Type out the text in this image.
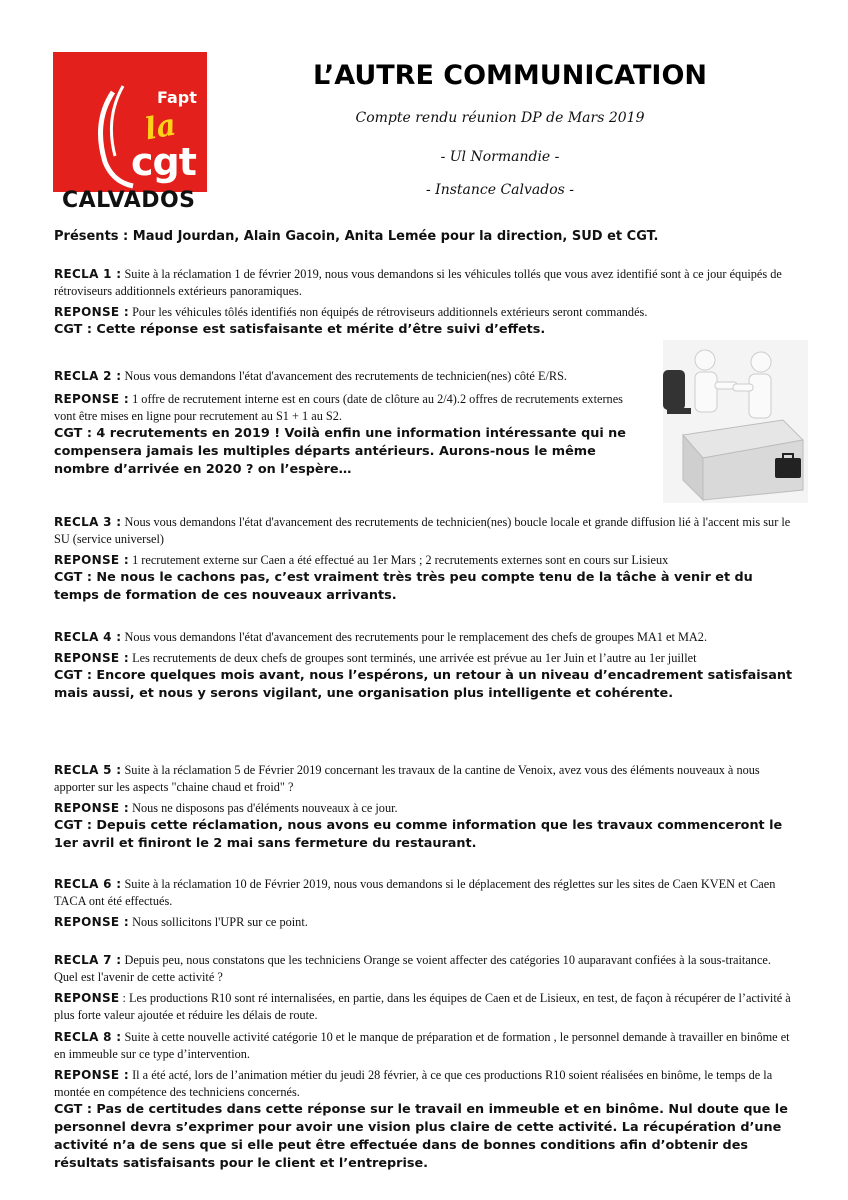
Fapt
la
cgt
CALVADOS
L’AUTRE COMMUNICATION
Compte rendu réunion DP de Mars 2019
- Ul Normandie -
- Instance Calvados -
Présents : Maud Jourdan, Alain Gacoin, Anita Lemée pour la direction, SUD et CGT.

RECLA 1 : Suite à la réclamation 1 de février 2019, nous vous demandons si les véhicules tollés que vous avez identifié sont à ce jour équipés de rétroviseurs additionnels extérieurs panoramiques.

REPONSE : Pour les véhicules tôlés identifiés non équipés de rétroviseurs additionnels extérieurs seront commandés.

CGT : Cette réponse est satisfaisante et mérite d’être suivi d’effets.

RECLA 2 : Nous vous demandons l'état d'avancement des recrutements de technicien(nes) côté E/RS.

REPONSE : 1 offre de recrutement interne est en cours (date de clôture au 2/4).2 offres de recrutements externes vont être mises en ligne pour recrutement au S1 + 1 au S2.

CGT : 4 recrutements en 2019 ! Voilà enfin une information intéressante qui ne compensera jamais les multiples départs antérieurs. Aurons-nous le même nombre d’arrivée en 2020 ? on l’espère…

RECLA 3 : Nous vous demandons l'état d'avancement des recrutements de technicien(nes) boucle locale et grande diffusion lié à l'accent mis sur le SU (service universel)

REPONSE : 1 recrutement externe sur Caen a été effectué au 1er Mars ; 2 recrutements externes sont en cours sur Lisieux

CGT : Ne nous le cachons pas, c’est vraiment très très peu compte tenu de la tâche à venir et du temps de formation de ces nouveaux arrivants.

RECLA 4 : Nous vous demandons l'état d'avancement des recrutements pour le remplacement des chefs de groupes MA1 et MA2.

REPONSE : Les recrutements de deux chefs de groupes sont terminés, une arrivée est prévue au 1er Juin et l’autre au 1er juillet

CGT : Encore quelques mois avant, nous l’espérons, un retour à un niveau d’encadrement satisfaisant mais aussi, et nous y serons vigilant, une organisation plus intelligente et cohérente.

RECLA 5 : Suite à la réclamation 5 de Février 2019 concernant les travaux de la cantine de Venoix, avez vous des éléments nouveaux à nous apporter sur les aspects "chaine chaud et froid" ?

REPONSE : Nous ne disposons pas d'éléments nouveaux à ce jour.

CGT : Depuis cette réclamation, nous avons eu comme information que les travaux commenceront le 1er avril et finiront le 2 mai sans fermeture du restaurant.

RECLA 6 : Suite à la réclamation 10 de Février 2019, nous vous demandons si le déplacement des réglettes sur les sites de Caen KVEN et Caen TACA ont été effectués.

REPONSE : Nous sollicitons l'UPR sur ce point.

RECLA 7 : Depuis peu, nous constatons que les techniciens Orange se voient affecter des catégories 10 auparavant confiées à la sous-traitance. Quel est l'avenir de cette activité ?

REPONSE : Les productions R10 sont ré internalisées, en partie, dans les équipes de Caen et de Lisieux, en test, de façon à récupérer de l’activité à plus forte valeur ajoutée et réduire les délais de route.

RECLA 8 : Suite à cette nouvelle activité catégorie 10 et le manque de préparation et de formation , le personnel demande à travailler en binôme et en immeuble sur ce type d’intervention.

REPONSE : Il a été acté, lors de l’animation métier du jeudi 28 février, à ce que ces productions R10 soient réalisées en binôme, le temps de la montée en compétence des techniciens concernés.

CGT : Pas de certitudes dans cette réponse sur le travail en immeuble et en binôme. Nul doute que le personnel devra s’exprimer pour avoir une vision plus claire de cette activité. La récupération d’une activité n’a de sens que si elle peut être effectuée dans de bonnes conditions afin d’obtenir des résultats satisfaisants pour le client et l’entreprise.
